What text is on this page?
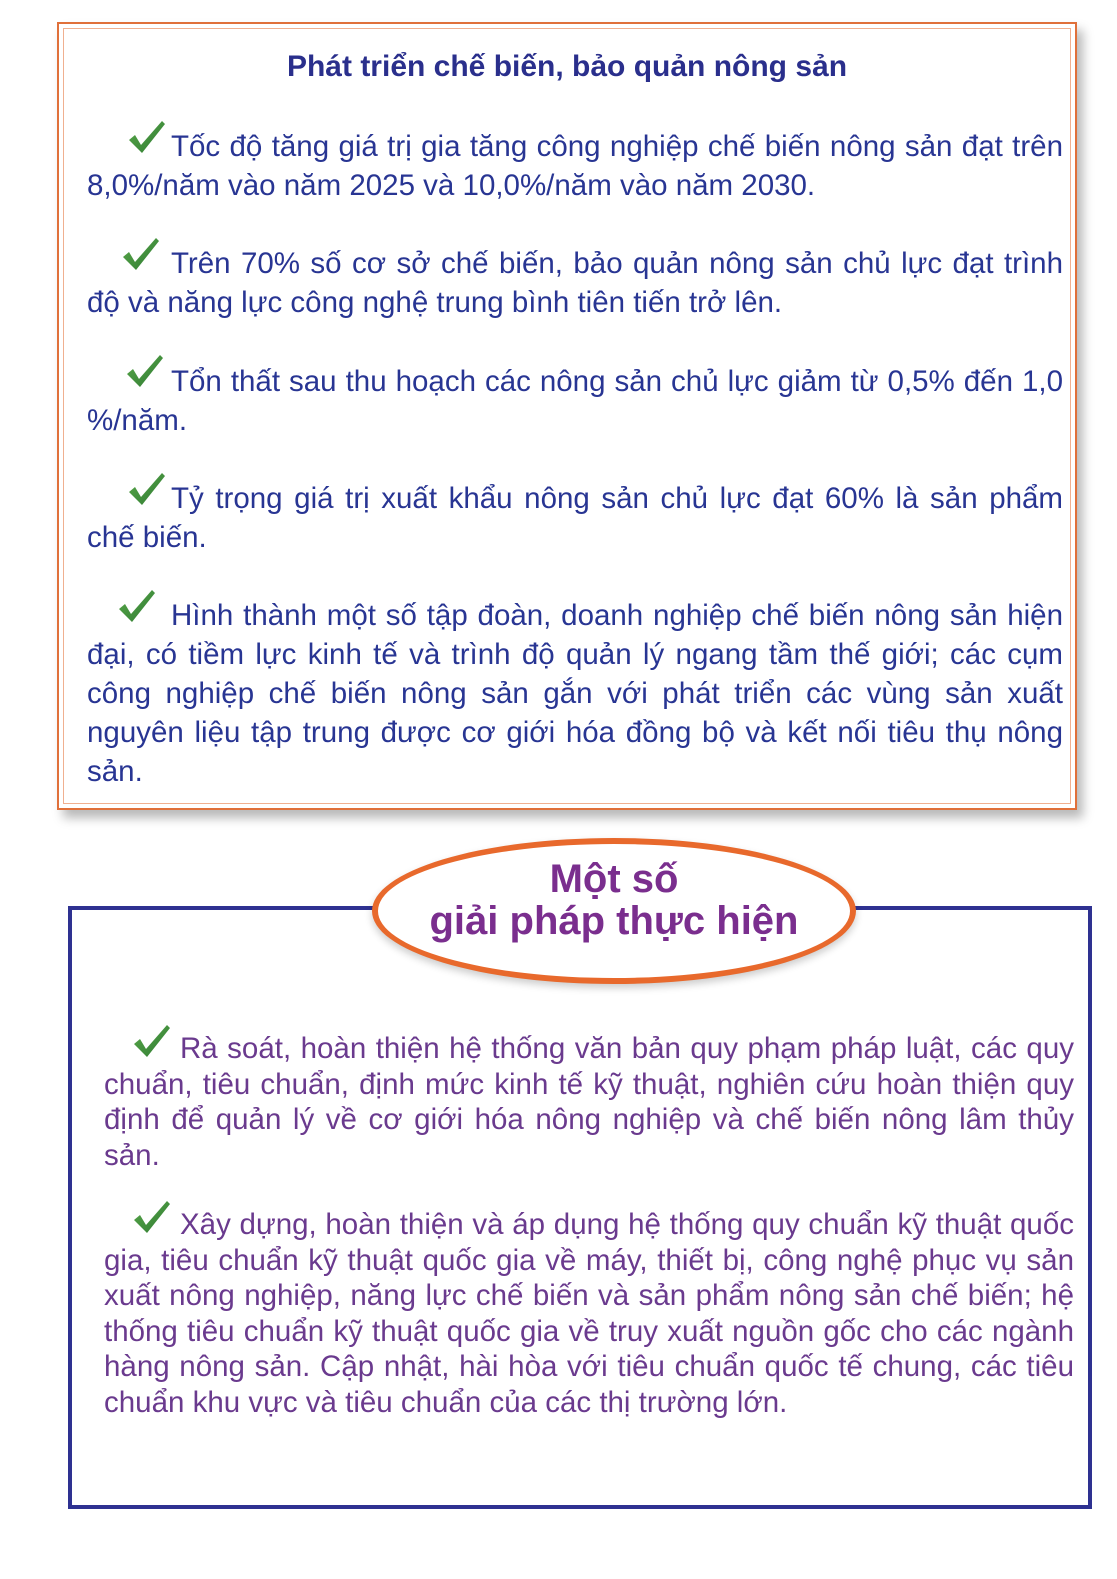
Phát triển chế biến, bảo quản nông sản

Tốc độ tăng giá trị gia tăng công nghiệp chế biến nông sản đạt trên 8,0%/năm vào năm 2025 và 10,0%/năm vào năm 2030.

Trên 70% số cơ sở chế biến, bảo quản nông sản chủ lực đạt trình độ và năng lực công nghệ trung bình tiên tiến trở lên.

Tổn thất sau thu hoạch các nông sản chủ lực giảm từ 0,5% đến 1,0 %/năm.

Tỷ trọng giá trị xuất khẩu nông sản chủ lực đạt 60% là sản phẩm chế biến.

Hình thành một số tập đoàn, doanh nghiệp chế biến nông sản hiện đại, có tiềm lực kinh tế và trình độ quản lý ngang tầm thế giới; các cụm công nghiệp chế biến nông sản gắn với phát triển các vùng sản xuất nguyên liệu tập trung được cơ giới hóa đồng bộ và kết nối tiêu thụ nông sản.

Một số

giải pháp thực hiện

Rà soát, hoàn thiện hệ thống văn bản quy phạm pháp luật, các quy chuẩn, tiêu chuẩn, định mức kinh tế kỹ thuật, nghiên cứu hoàn thiện quy định để quản lý về cơ giới hóa nông nghiệp và chế biến nông lâm thủy sản.

Xây dựng, hoàn thiện và áp dụng hệ thống quy chuẩn kỹ thuật quốc gia, tiêu chuẩn kỹ thuật quốc gia về máy, thiết bị, công nghệ phục vụ sản xuất nông nghiệp, năng lực chế biến và sản phẩm nông sản chế biến; hệ thống tiêu chuẩn kỹ thuật quốc gia về truy xuất nguồn gốc cho các ngành hàng nông sản. Cập nhật, hài hòa với tiêu chuẩn quốc tế chung, các tiêu chuẩn khu vực và tiêu chuẩn của các thị trường lớn.
